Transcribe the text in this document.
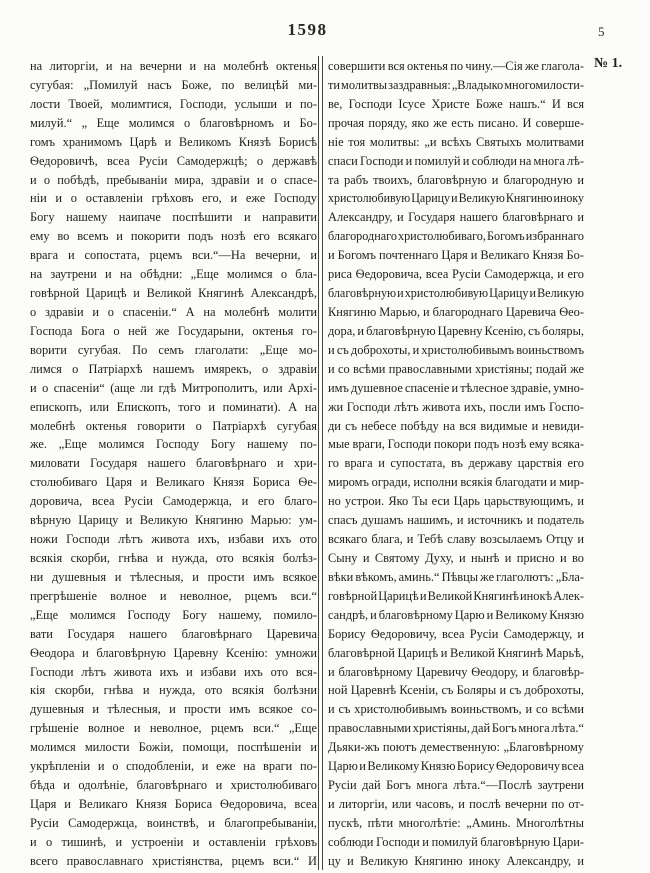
1598	5
№ 1.
на литоргіи, и на вечерни и на молебнѣ октенья
сугубая: „Помилуй насъ Боже, по велицѣй ми-
лости Твоей, молимтися, Господи, услыши и по-
милуй.“ „ Еще молимся о благовѣрномъ и Бо-
гомъ хранимомъ Царѣ и Великомъ Князѣ Борисѣ
Ѳедоровичѣ, всеа Русіи Самодержцѣ; о державѣ
и о побѣдѣ, пребываніи мира, здравіи и о спасе-
ніи и о оставленіи грѣховъ его, и еже Господу
Богу нашему наипаче поспѣшити и направити
ему во всемъ и покорити подъ нозѣ его всякаго
врага и сопостата, рцемъ вси.“—На вечерни, и
на заутрени и на обѣдни: „Еще молимся о бла-
говѣрной Царицѣ и Великой Княгинѣ Александрѣ,
о здравіи и о спасеніи.“ А на молебнѣ молити
Господа Бога о ней же Государыни, октенья го-
ворити сугубая. По семъ глаголати: „Еще мо-
лимся о Патріархѣ нашемъ имярекъ, о здравіи
и о спасеніи“ (аще ли гдѣ Митрополитъ, или Архі-
епископъ, или Епископъ, того и поминати). А на
молебнѣ октенья говорити о Патріархѣ сугубая
же. „Еще молимся Господу Богу нашему по-
миловати Государя нашего благовѣрнаго и хри-
столюбиваго Царя и Великаго Князя Бориса Ѳе-
доровича, всеа Русіи Самодержца, и его благо-
вѣрную Царицу и Великую Княгиню Марью: ум-
ножи Господи лѣтъ живота ихъ, избави ихъ ото
всякія скорби, гнѣва и нужда, ото всякія болѣз-
ни душевныя и тѣлесныя, и прости имъ всякое
прегрѣшеніе волное и неволное, рцемъ вси.“
„Еще молимся Господу Богу нашему, помило-
вати Государя нашего благовѣрнаго Царевича
Ѳеодора и благовѣрную Царевну Ксенію: умножи
Господи лѣтъ живота ихъ и избави ихъ ото вся-
кія скорби, гнѣва и нужда, ото всякія болѣзни
душевныя и тѣлесныя, и прости имъ всякое со-
грѣшеніе волное и неволное, рцемъ вси.“ „Еще
молимся милости Божіи, помощи, поспѣшеніи и
укрѣпленіи и о сподобленіи, и еже на враги по-
бѣда и одолѣніе, благовѣрнаго и христолюбиваго
Царя и Великаго Князя Бориса Ѳедоровича, всеа
Русіи Самодержца, воинствѣ, и благопребываніи,
и о тишинѣ, и устроеніи и оставленіи грѣховъ
всего православнаго христіянства, рцемъ вси.“ И
совершити вся октенья по чину.—Сія же глагола-
ти молитвы заздравныя: „Владыко многомилости-
ве, Господи Ісусе Христе Боже нашъ.“ И вся
прочая поряду, яко же есть писано. И соверше-
ніе тоя молитвы: „и всѣхъ Святыхъ молитвами
спаси Господи и помилуй и соблюди на многа лѣ-
та рабъ твоихъ, благовѣрную и благородную и
христолюбивую Царицу и Великую Княгиню иноку
Александру, и Государя нашего благовѣрнаго и
благороднаго христолюбиваго, Богомъ избраннаго
и Богомъ почтеннаго Царя и Великаго Князя Бо-
риса Ѳедоровича, всеа Русіи Самодержца, и его
благовѣрную и христолюбивую Царицу и Великую
Княгиню Марью, и благороднаго Царевича Ѳео-
дора, и благовѣрную Царевну Ксенію, съ боляры,
и съ доброхоты, и христолюбивымъ воиньствомъ
и со всѣми православными христіяны; подай же
имъ душевное спасеніе и тѣлесное здравіе, умно-
жи Господи лѣтъ живота ихъ, посли имъ Госпо-
ди съ небесе побѣду на вся видимые и невиди-
мые враги, Господи покори подъ нозѣ ему всяка-
го врага и супостата, въ державу царствія его
миромъ огради, исполни всякія благодати и мир-
но устрои. Яко Ты еси Царь царьствующимъ, и
спасъ душамъ нашимъ, и источникъ и податель
всякаго блага, и Тебѣ славу возсылаемъ Отцу и
Сыну и Святому Духу, и нынѣ и присно и во
вѣки вѣкомъ, аминь.“ Пѣвцы же глаголютъ: „Бла-
говѣрной Царицѣ и Великой Княгинѣ инокѣ Алек-
сандрѣ, и благовѣрному Царю и Великому Князю
Борису Ѳедоровичу, всеа Русіи Самодержцу, и
благовѣрной Царицѣ и Великой Княгинѣ Марьѣ,
и благовѣрному Царевичу Ѳеодору, и благовѣр-
ной Царевнѣ Ксеніи, съ Боляры и съ доброхоты,
и съ христолюбивымъ воиньствомъ, и со всѣми
православными христіяны, дай Богъ многа лѣта.“
Дьяки-жъ поютъ демественную: „Благовѣрному
Царю и Великому Князю Борису Ѳедоровичу всеа
Русіи дай Богъ многа лѣта.“—Послѣ заутрени
и литоргіи, или часовъ, и послѣ вечерни по от-
пускѣ, пѣти многолѣтіе: „Аминь. Многолѣтны
соблюди Господи и помилуй благовѣрную Цари-
цу и Великую Княгиню иноку Александру, и
